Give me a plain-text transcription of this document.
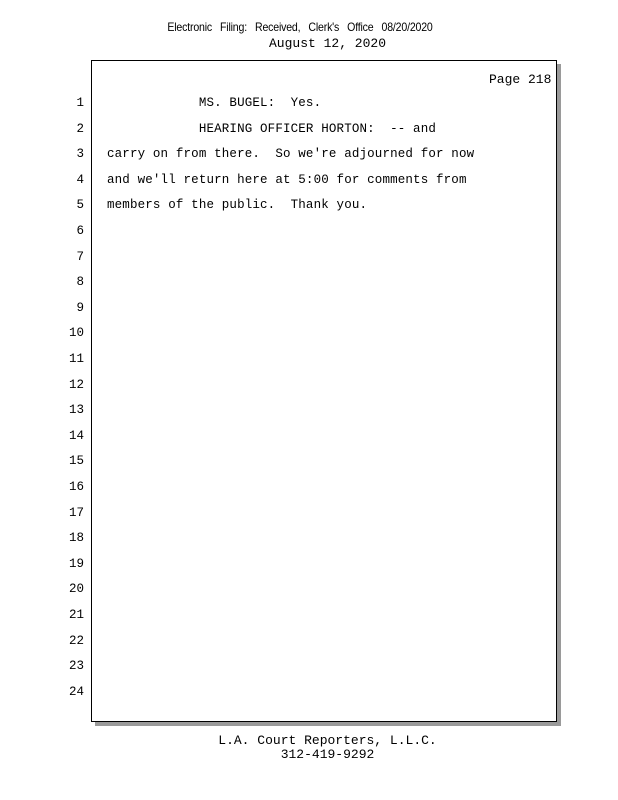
Electronic Filing: Received, Clerk's Office 08/20/2020
August 12, 2020
Page 218
1 MS. BUGEL:  Yes.
2 HEARING OFFICER HORTON:  -- and
3 carry on from there.  So we're adjourned for now
4 and we'll return here at 5:00 for comments from
5 members of the public.  Thank you.
6
7
8
9
10
11
12
13
14
15
16
17
18
19
20
21
22
23
24
L.A. Court Reporters, L.L.C.
312-419-9292
